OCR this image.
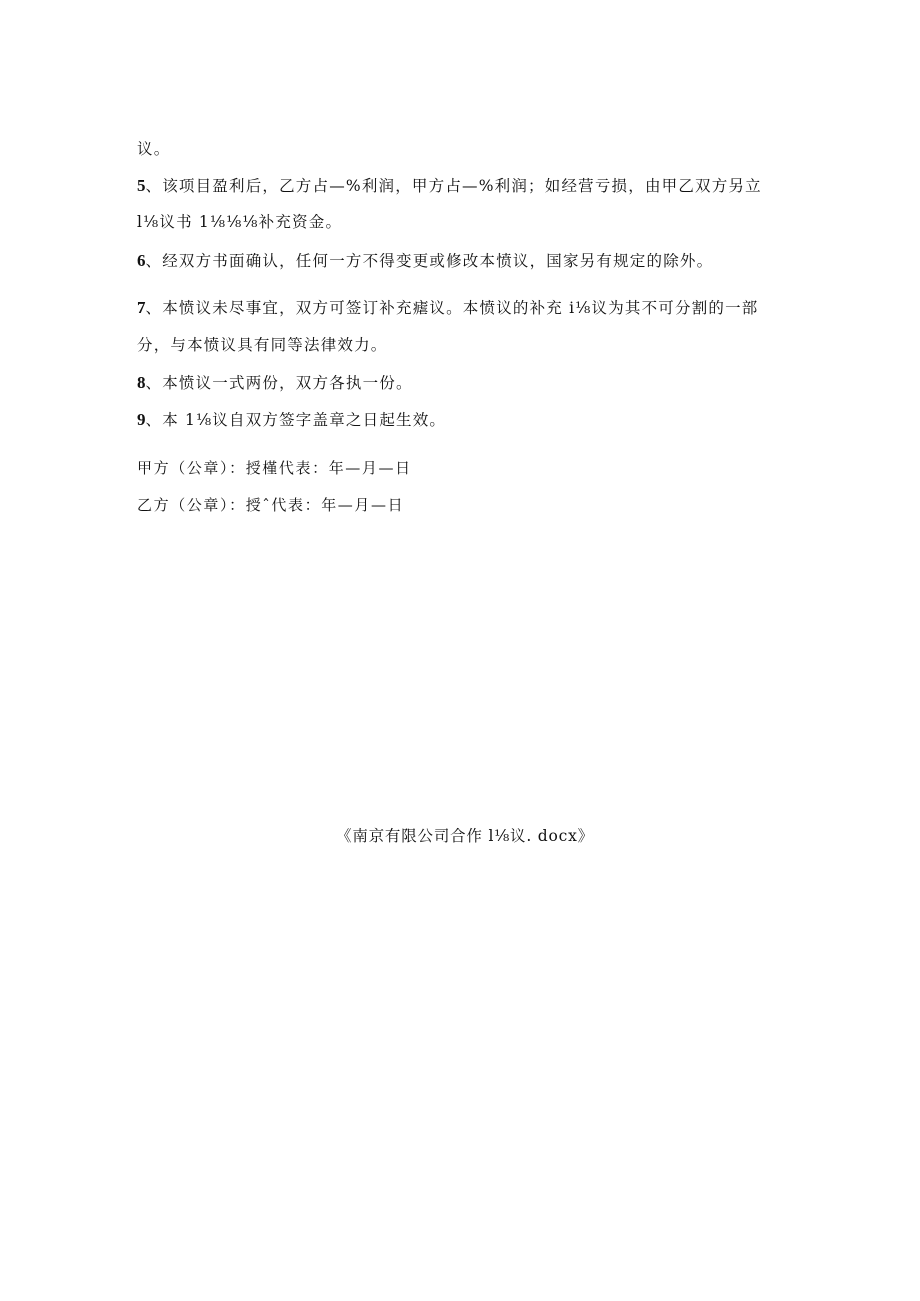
议。
5、该项目盈利后，乙方占—%利润，甲方占—%利润；如经营亏损，由甲乙双方另立
l⅛议书 1⅛⅛⅛补充资金。
6、经双方书面确认，任何一方不得变更或修改本愤议，国家另有规定的除外。
7、本愤议未尽事宜，双方可签订补充瘧议。本愤议的补充 i⅛议为其不可分割的一部
分，与本愤议具有同等法律效力。
8、本愤议一式两份，双方各执一份。
9、本 1⅛议自双方签字盖章之日起生效。
甲方（公章）：授槿代表：年—月—日
乙方（公章）：授ˆ代表：年—月—日
《南京有限公司合作 l⅛议. docx》
